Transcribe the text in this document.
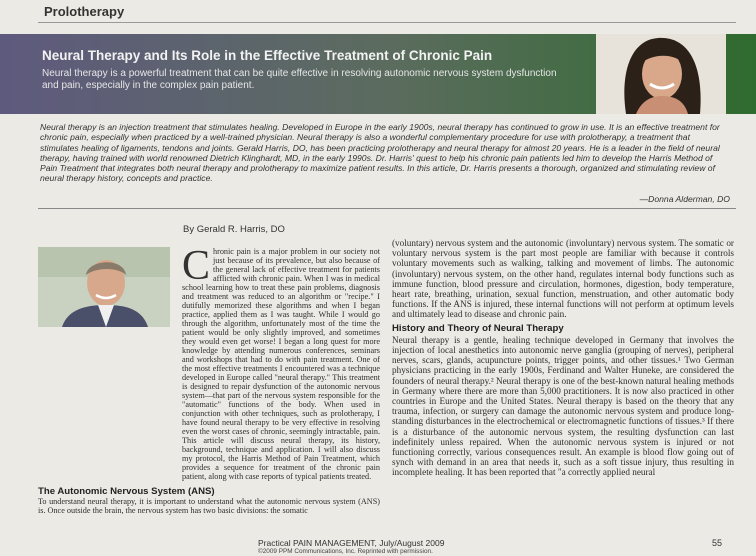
Prolotherapy
Neural Therapy and Its Role in the Effective Treatment of Chronic Pain
Neural therapy is a powerful treatment that can be quite effective in resolving autonomic nervous system dysfunction and pain, especially in the complex pain patient.
Neural therapy is an injection treatment that stimulates healing. Developed in Europe in the early 1900s, neural therapy has continued to grow in use. It is an effective treatment for chronic pain, especially when practiced by a well-trained physician. Neural therapy is also a wonderful complementary procedure for use with prolotherapy, a treatment that stimulates healing of ligaments, tendons and joints. Gerald Harris, DO, has been practicing prolotherapy and neural therapy for almost 20 years. He is a leader in the field of neural therapy, having trained with world renowned Dietrich Klinghardt, MD, in the early 1990s. Dr. Harris' quest to help his chronic pain patients led him to develop the Harris Method of Pain Treatment that integrates both neural therapy and prolotherapy to maximize patient results. In this article, Dr. Harris presents a thorough, organized and stimulating review of neural therapy history, concepts and practice.
—Donna Alderman, DO
By Gerald R. Harris, DO
Chronic pain is a major problem in our society not just because of its prevalence, but also because of the general lack of effective treatment for patients afflicted with chronic pain. When I was in medical school learning how to treat these pain problems, diagnosis and treatment was reduced to an algorithm or "recipe." I dutifully memorized these algorithms and when I began practice, applied them as I was taught. While I would go through the algorithm, unfortunately most of the time the patient would be only slightly improved, and sometimes they would even get worse! I began a long quest for more knowledge by attending numerous conferences, seminars and workshops that had to do with pain treatment. One of the most effective treatments I encountered was a technique developed in Europe called "neural therapy." This treatment is designed to repair dysfunction of the autonomic nervous system—that part of the nervous system responsible for the "automatic" functions of the body. When used in conjunction with other techniques, such as prolotherapy, I have found neural therapy to be very effective in resolving even the worst cases of chronic, seemingly intractable, pain. This article will discuss neural therapy, its history, background, technique and application. I will also discuss my protocol, the Harris Method of Pain Treatment, which provides a sequence for treatment of the chronic pain patient, along with case reports of typical patients treated.
The Autonomic Nervous System (ANS)

To understand neural therapy, it is important to understand what the autonomic nervous system (ANS) is. Once outside the brain, the nervous system has two basic divisions: the somatic

(voluntary) nervous system and the autonomic (involuntary) nervous system. The somatic or voluntary nervous system is the part most people are familiar with because it controls voluntary movements such as walking, talking and movement of limbs. The autonomic (involuntary) nervous system, on the other hand, regulates internal body functions such as immune function, blood pressure and circulation, hormones, digestion, body temperature, heart rate, breathing, urination, sexual function, menstruation, and other automatic body functions. If the ANS is injured, these internal functions will not perform at optimum levels and ultimately lead to disease and chronic pain.

History and Theory of Neural Therapy

Neural therapy is a gentle, healing technique developed in Germany that involves the injection of local anesthetics into autonomic nerve ganglia (grouping of nerves), peripheral nerves, scars, glands, acupuncture points, trigger points, and other tissues.¹ Two German physicians practicing in the early 1900s, Ferdinand and Walter Huneke, are considered the founders of neural therapy.² Neural therapy is one of the best-known natural healing methods in Germany where there are more than 5,000 practitioners. It is now also practiced in other countries in Europe and the United States. Neural therapy is based on the theory that any trauma, infection, or surgery can damage the autonomic nervous system and produce long-standing disturbances in the electrochemical or electromagnetic functions of tissues.³ If there is a disturbance of the autonomic nervous system, the resulting dysfunction can last indefinitely unless repaired. When the autonomic nervous system is injured or not functioning correctly, various consequences result. An example is blood flow going out of synch with demand in an area that needs it, such as a soft tissue injury, thus resulting in incomplete healing. It has been reported that "a correctly applied neural

Practical PAIN MANAGEMENT, July/August 2009
©2009 PPM Communications, Inc. Reprinted with permission.
55
